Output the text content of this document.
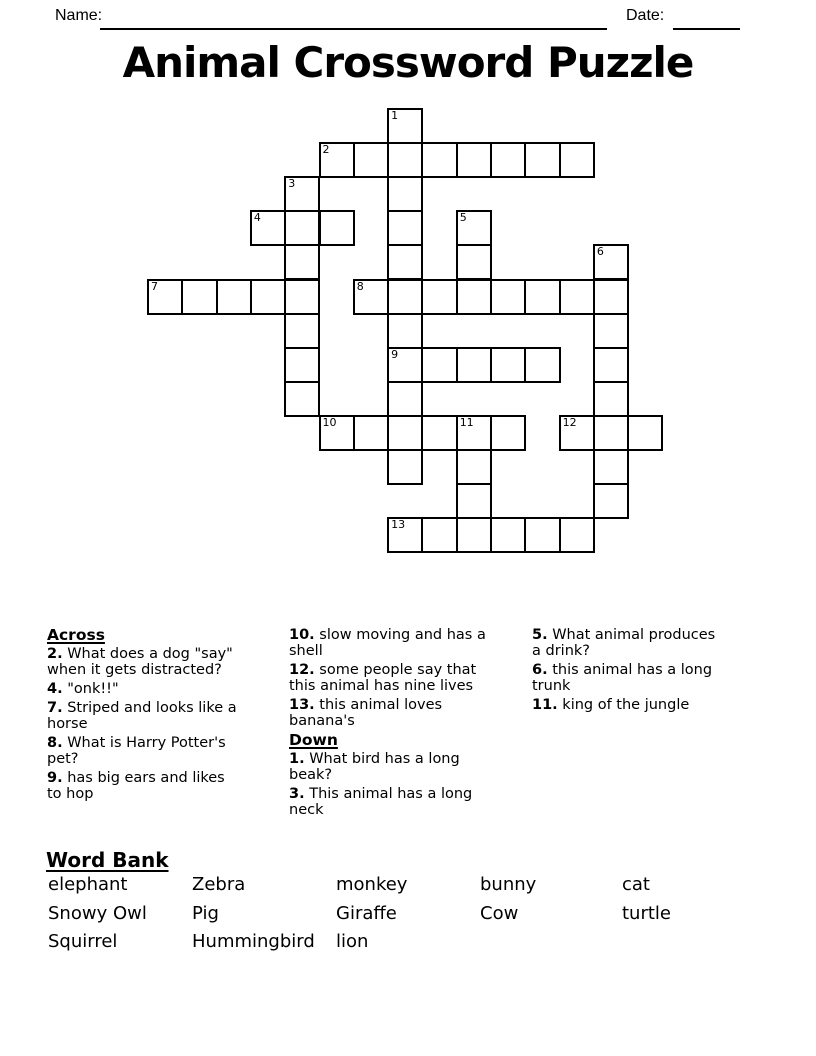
Name:	Date:
Animal Crossword Puzzle
1
2
3
4	5
6
7	8
9
10	11	12
13
Across

2. What does a dog "say"
when it gets distracted?

4. "onk!!"

7. Striped and looks like a
horse

8. What is Harry Potter's
pet?

9. has big ears and likes
to hop

10. slow moving and has a
shell

12. some people say that
this animal has nine lives

13. this animal loves
banana's

Down

1. What bird has a long
beak?

3. This animal has a long
neck

5. What animal produces
a drink?

6. this animal has a long
trunk

11. king of the jungle

Word Bank
elephant	Zebra	monkey	bunny	cat
Snowy Owl	Pig	Giraffe	Cow	turtle
Squirrel	Hummingbird lion
